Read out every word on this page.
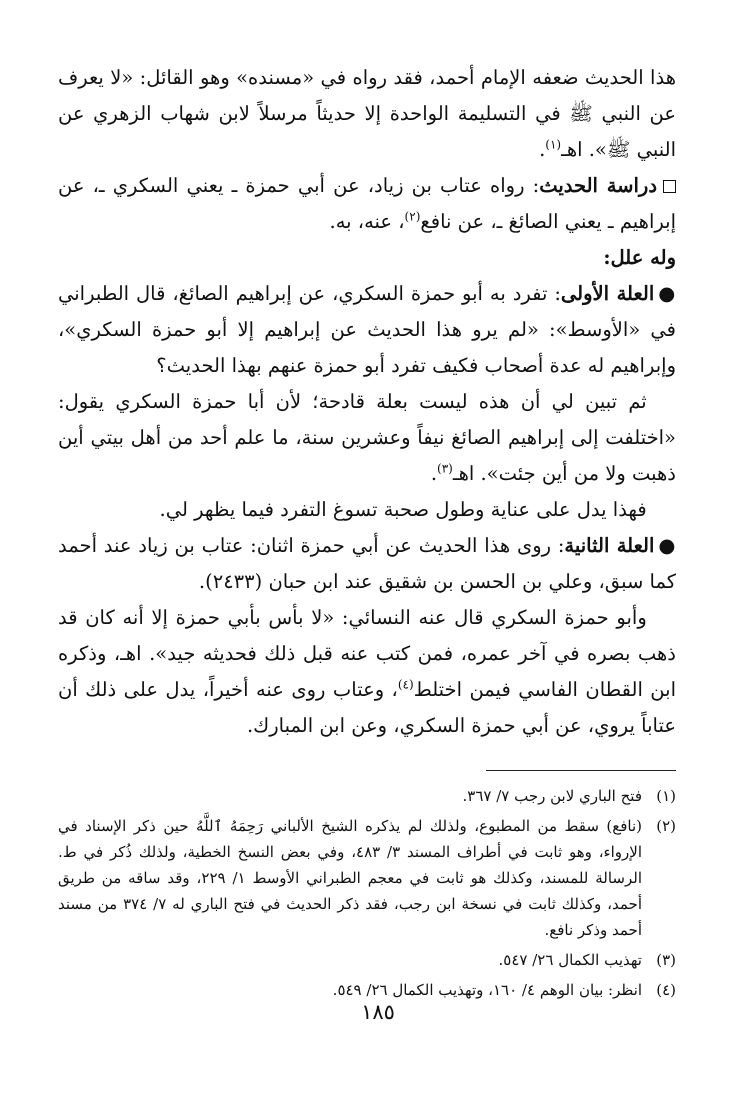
هذا الحديث ضعفه الإمام أحمد، فقد رواه في «مسنده» وهو القائل: «لا يعرف عن النبي ﷺ في التسليمة الواحدة إلا حديثاً مرسلاً لابن شهاب الزهري عن النبي ﷺ». اهـ$^{(١)}$.

دراسة الحديث: رواه عتاب بن زياد، عن أبي حمزة ـ يعني السكري ـ، عن إبراهيم ـ يعني الصائغ ـ، عن نافع$^{(٢)}$، عنه، به.

وله علل:

●العلة الأولى: تفرد به أبو حمزة السكري، عن إبراهيم الصائغ، قال الطبراني في «الأوسط»: «لم يرو هذا الحديث عن إبراهيم إلا أبو حمزة السكري»، وإبراهيم له عدة أصحاب فكيف تفرد أبو حمزة عنهم بهذا الحديث؟

ثم تبين لي أن هذه ليست بعلة قادحة؛ لأن أبا حمزة السكري يقول: «اختلفت إلى إبراهيم الصائغ نيفاً وعشرين سنة، ما علم أحد من أهل بيتي أين ذهبت ولا من أين جئت». اهـ$^{(٣)}$.

فهذا يدل على عناية وطول صحبة تسوغ التفرد فيما يظهر لي.

●العلة الثانية: روى هذا الحديث عن أبي حمزة اثنان: عتاب بن زياد عند أحمد كما سبق، وعلي بن الحسن بن شقيق عند ابن حبان (٢٤٣٣).

وأبو حمزة السكري قال عنه النسائي: «لا بأس بأبي حمزة إلا أنه كان قد ذهب بصره في آخر عمره، فمن كتب عنه قبل ذلك فحديثه جيد». اهـ، وذكره ابن القطان الفاسي فيمن اختلط$^{(٤)}$، وعتاب روى عنه أخيراً، يدل على ذلك أن عتاباً يروي، عن أبي حمزة السكري، وعن ابن المبارك.

(١)
فتح الباري لابن رجب ٧/ ٣٦٧.
(٢)
(نافع) سقط من المطبوع، ولذلك لم يذكره الشيخ الألباني رَحِمَهُ ٱللَّهُ حين ذكر الإسناد في الإرواء، وهو ثابت في أطراف المسند ٣/ ٤٨٣، وفي بعض النسخ الخطية، ولذلك ذُكر في ط. الرسالة للمسند، وكذلك هو ثابت في معجم الطبراني الأوسط ١/ ٢٢٩، وقد ساقه من طريق أحمد، وكذلك ثابت في نسخة ابن رجب، فقد ذكر الحديث في فتح الباري له ٧/ ٣٧٤ من مسند أحمد وذكر نافع.
(٣)
تهذيب الكمال ٢٦/ ٥٤٧.
(٤)
انظر: بيان الوهم ٤/ ١٦٠، وتهذيب الكمال ٢٦/ ٥٤٩.
١٨٥
